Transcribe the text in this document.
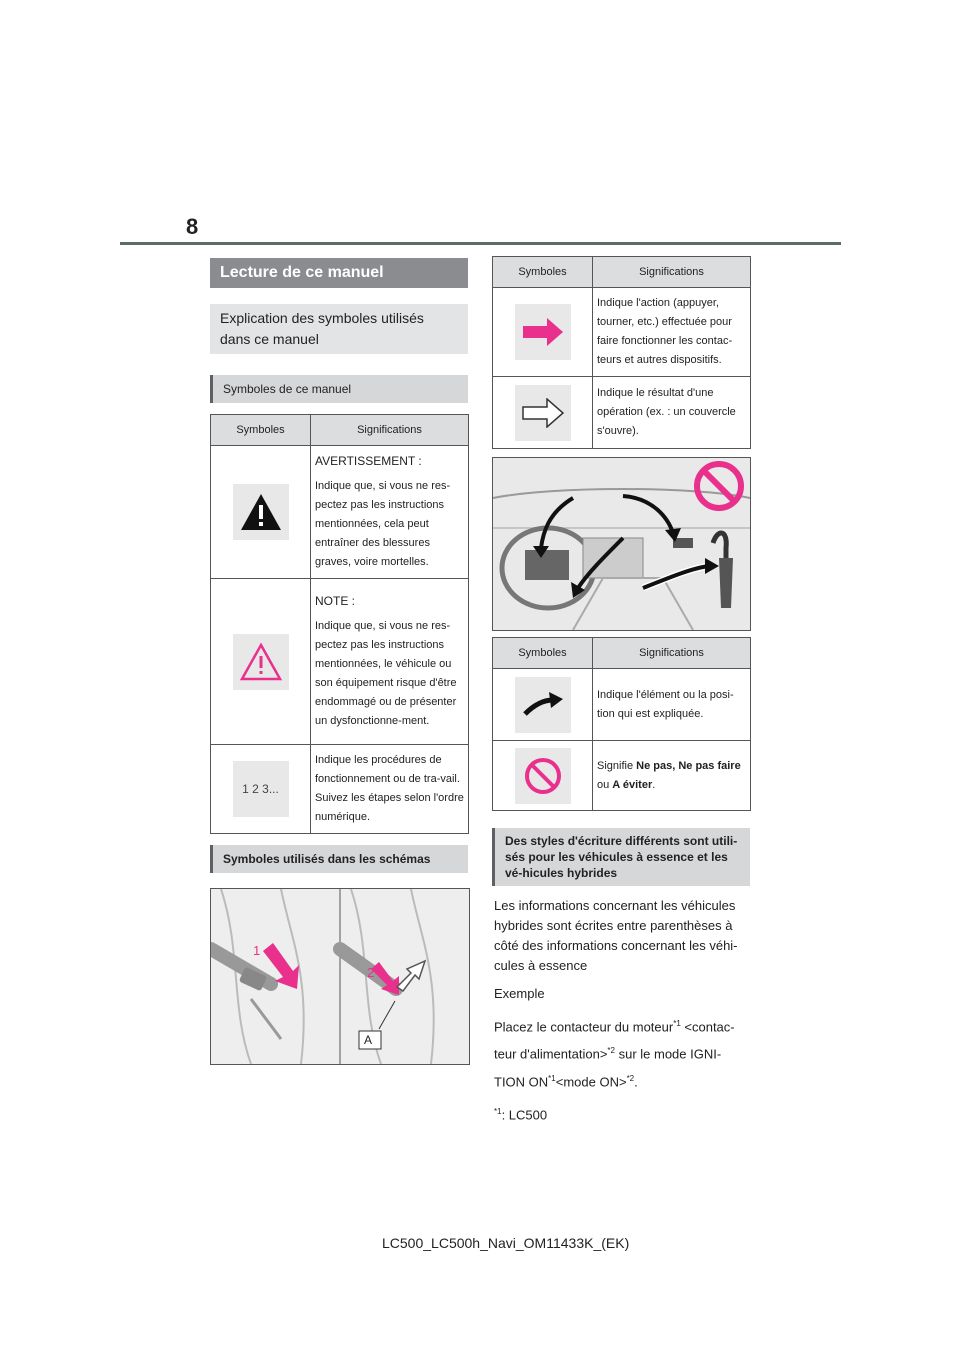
8
Lecture de ce manuel
Explication des symboles utilisés dans ce manuel
Symboles de ce manuel
Symboles	Significations

AVERTISSEMENT :
Indique que, si vous ne res-pectez pas les instructions mentionnées, cela peut entraîner des blessures graves, voire mortelles.

NOTE :
Indique que, si vous ne res-pectez pas les instructions mentionnées, le véhicule ou son équipement risque d'être endommagé ou de présenter un dysfonctionne-ment.
1 2 3...	Indique les procédures de fonctionnement ou de tra-vail. Suivez les étapes selon l'ordre numérique.
Symboles utilisés dans les schémas
1
2
A
Symboles	Significations

	Indique l'action (appuyer, tourner, etc.) effectuée pour faire fonctionner les contac-teurs et autres dispositifs.

	Indique le résultat d'une opération (ex. : un couvercle s'ouvre).
Symboles	Significations

	Indique l'élément ou la posi-tion qui est expliquée.

	Signifie Ne pas, Ne pas faire ou A éviter.
Des styles d'écriture différents sont utili-sés pour les véhicules à essence et les vé-hicules hybrides

Les informations concernant les véhicules hybrides sont écrites entre parenthèses à côté des informations concernant les véhi-cules à essence

Exemple

Placez le contacteur du moteur$^{*1}$ <contac-teur d'alimentation>$^{*2}$ sur le mode IGNI-TION $ON^{*1}<mode$ ON>$^{*2}$.

$^{*1}$: LC500

LC500_LC500h_Navi_OM11433K_(EK)
